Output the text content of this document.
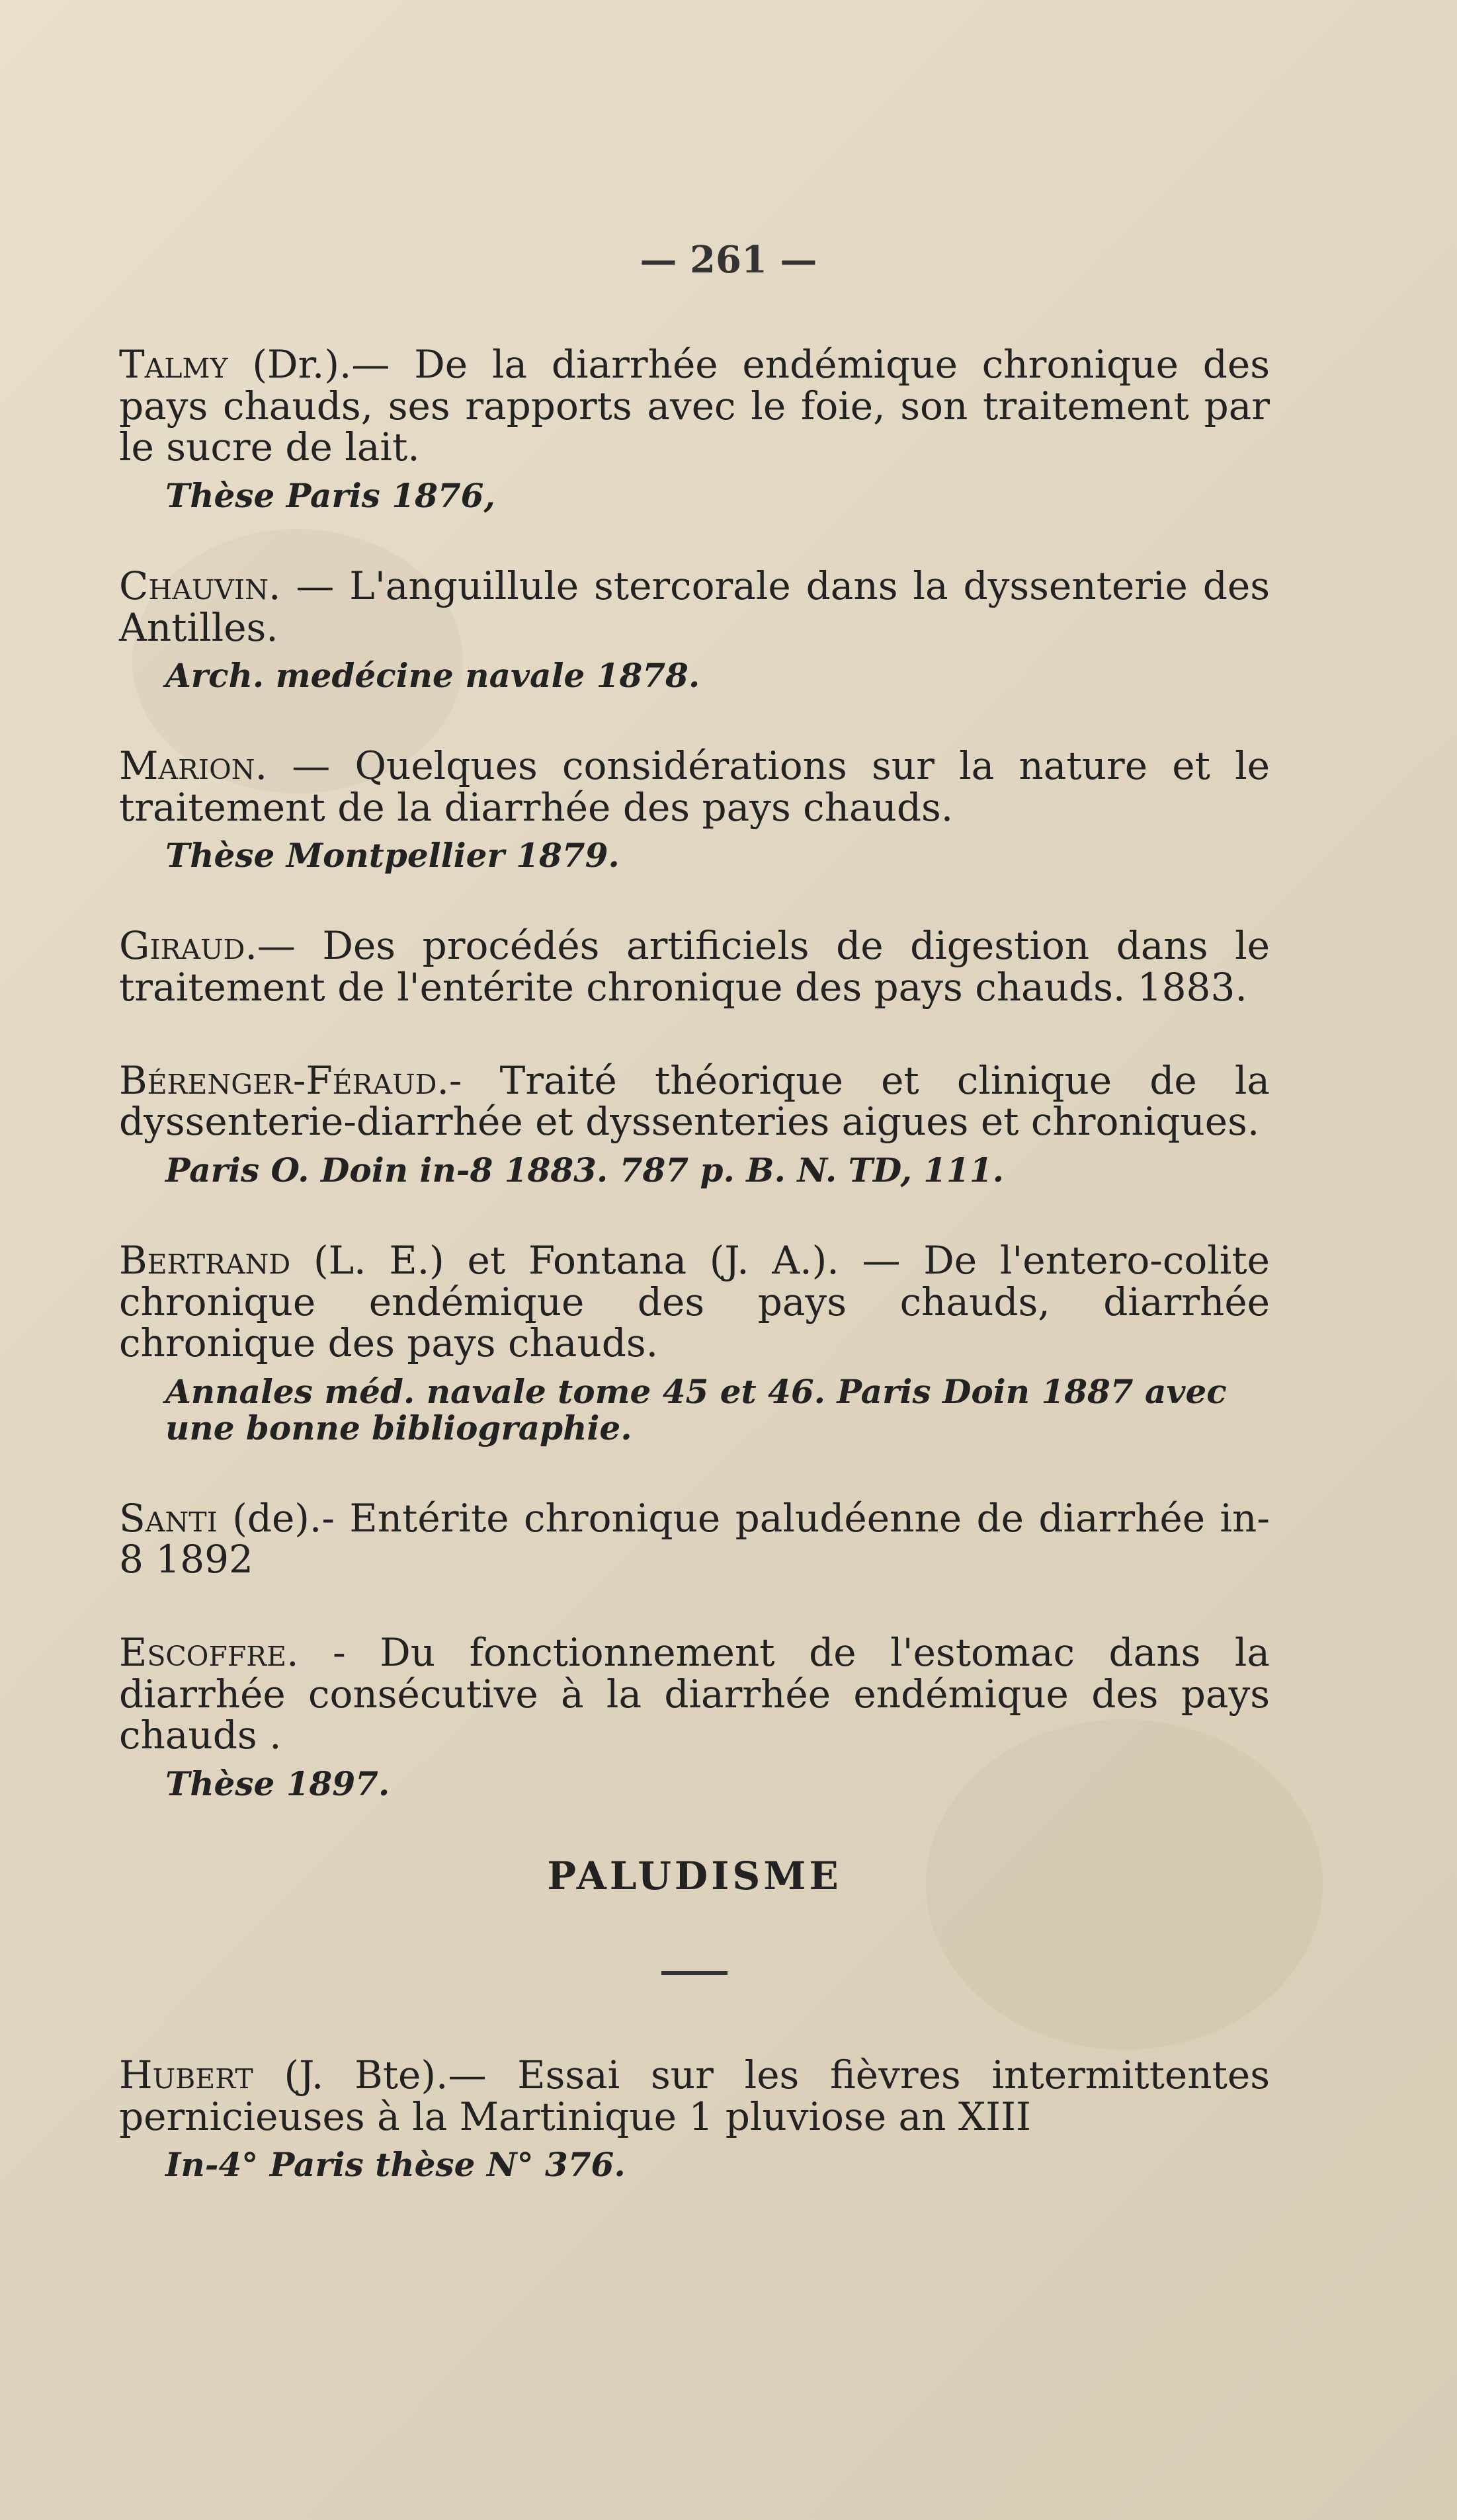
— 261 —

Talmy (Dr.).— De la diarrhée endémique chronique des pays chauds, ses rapports avec le foie, son traitement par le sucre de lait.

Thèse Paris 1876,

Chauvin. — L'anguillule stercorale dans la dyssenterie des Antilles.

Arch. medécine navale 1878.

Marion. — Quelques considérations sur la nature et le traitement de la diarrhée des pays chauds.

Thèse Montpellier 1879.

Giraud.— Des procédés artificiels de digestion dans le traitement de l'entérite chronique des pays chauds. 1883.

Bérenger-Féraud.- Traité théorique et clinique de la dyssenterie-diarrhée et dyssenteries aigues et chroniques.

Paris O. Doin in-8 1883. 787 p. B. N. TD, 111.

Bertrand (L. E.) et Fontana (J. A.). — De l'entero-colite chronique endémique des pays chauds, diarrhée chronique des pays chauds.

Annales méd. navale tome 45 et 46. Paris Doin 1887 avec une bonne bibliographie.

Santi (de).- Entérite chronique paludéenne de diarrhée in-8 1892

Escoffre. - Du fonctionnement de l'estomac dans la diarrhée consécutive à la diarrhée endémique des pays chauds .

Thèse 1897.

PALUDISME

Hubert (J. Bte).— Essai sur les fièvres intermittentes pernicieuses à la Martinique 1 pluviose an XIII

In-4° Paris thèse N° 376.
